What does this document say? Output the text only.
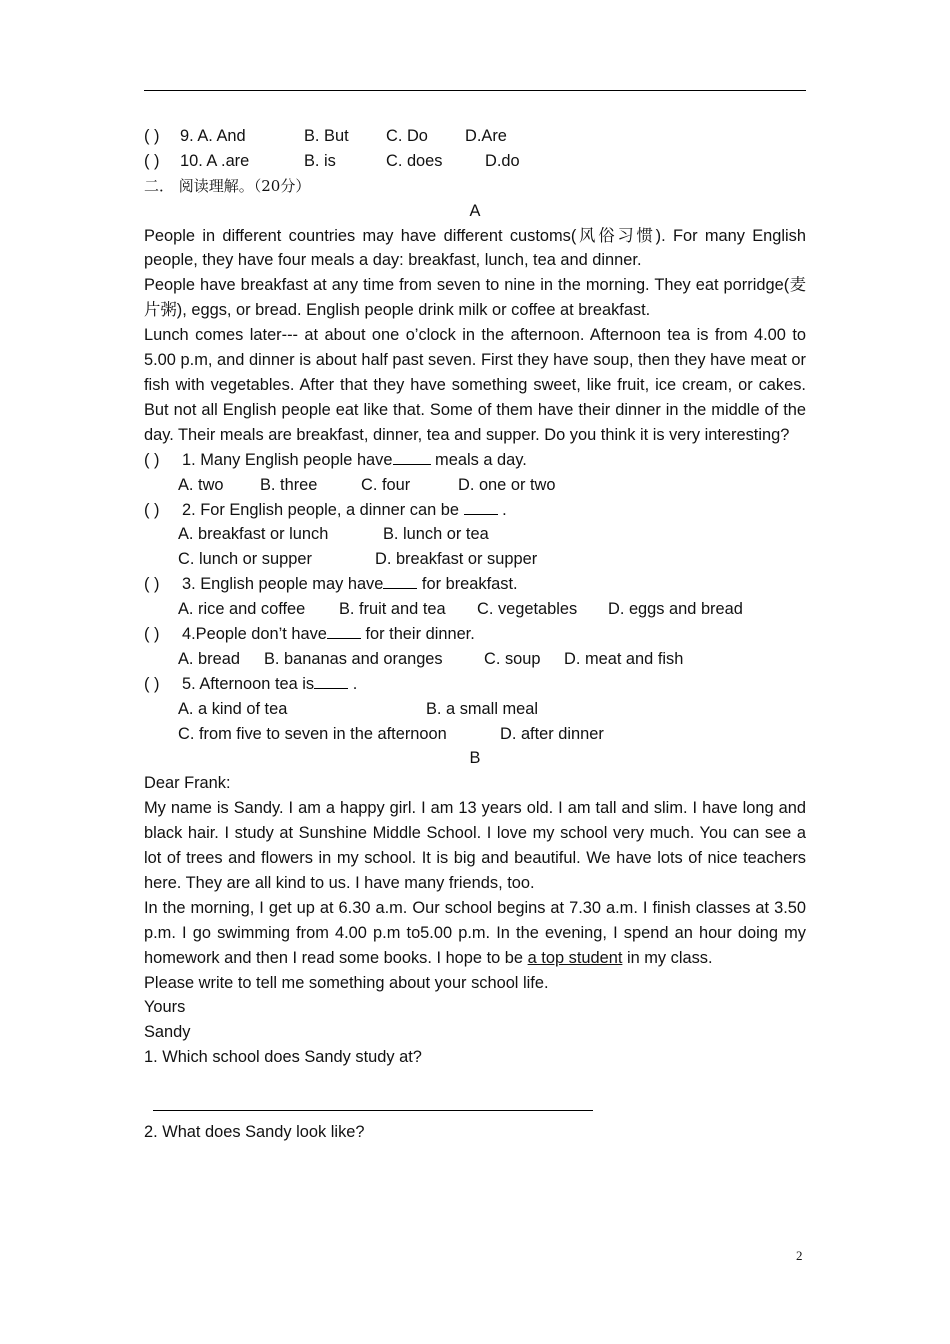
( ) 9. A. And	B. But C. Do D.Are
( ) 10. A .are	B. is	C. does	D.do
二． 阅读理解。（20分）
A
People in different countries may have different customs(风俗习惯). For many English people, they have four meals a day: breakfast, lunch, tea and dinner.
People have breakfast at any time from seven to nine in the morning. They eat porridge(麦片粥), eggs, or bread. English people drink milk or coffee at breakfast.
Lunch comes later--- at about one o’clock in the afternoon. Afternoon tea is from 4.00 to 5.00 p.m, and dinner is about half past seven. First they have soup, then they have meat or fish with vegetables. After that they have something sweet, like fruit, ice cream, or cakes. But not all English people eat like that. Some of them have their dinner in the middle of the day. Their meals are breakfast, dinner, tea and supper. Do you think it is very interesting?
( ) 1. Many English people have meals a day.
A. two B. three	C. four	D. one or two
( ) 2. For English people, a dinner can be  .
A. breakfast or lunch	B. lunch or tea
C. lunch or supper	D. breakfast or supper
( ) 3. English people may have for breakfast.
A. rice and coffee B. fruit and tea C. vegetables D. eggs and bread
( ) 4.People don’t have for their dinner.
A. bread B. bananas and oranges	C. soup D. meat and fish
( ) 5. Afternoon tea is .
A. a kind of tea	B. a small meal
C. from five to seven in the afternoon	D. after dinner
B
Dear Frank:
My name is Sandy. I am a happy girl. I am 13 years old. I am tall and slim. I have long and black hair. I study at Sunshine Middle School. I love my school very much. You can see a lot of trees and flowers in my school. It is big and beautiful. We have lots of nice teachers here. They are all kind to us. I have many friends, too.
In the morning, I get up at 6.30 a.m. Our school begins at 7.30 a.m. I finish classes at 3.50 p.m. I go swimming from 4.00 p.m to5.00 p.m. In the evening, I spend an hour doing my homework and then I read some books. I hope to be a top student in my class.
Please write to tell me something about your school life.
Yours
Sandy
1. Which school does Sandy study at?
2. What does Sandy look like?
2
